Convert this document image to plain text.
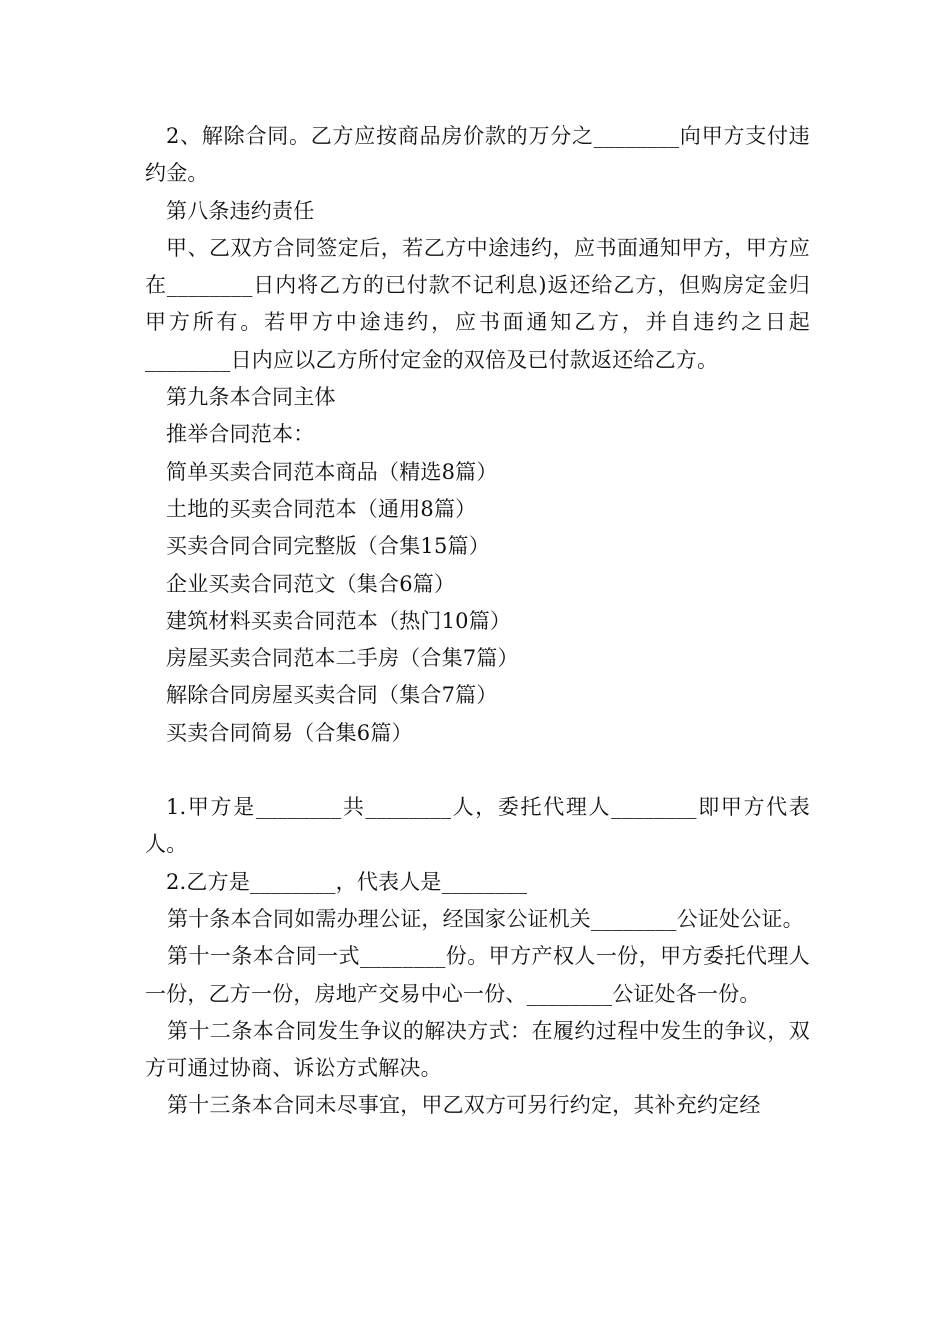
2、解除合同。乙方应按商品房价款的万分之________向甲方支付违约金。

第八条违约责任

甲、乙双方合同签定后，若乙方中途违约，应书面通知甲方，甲方应在________日内将乙方的已付款不记利息)返还给乙方，但购房定金归甲方所有。若甲方中途违约，应书面通知乙方，并自违约之日起________日内应以乙方所付定金的双倍及已付款返还给乙方。

第九条本合同主体

推举合同范本：

简单买卖合同范本商品（精选8篇）

土地的买卖合同范本（通用8篇）

买卖合同合同完整版（合集15篇）

企业买卖合同范文（集合6篇）

建筑材料买卖合同范本（热门10篇）

房屋买卖合同范本二手房（合集7篇）

解除合同房屋买卖合同（集合7篇）

买卖合同简易（合集6篇）

1.甲方是________共________人，委托代理人________即甲方代表人。

2.乙方是________，代表人是________

第十条本合同如需办理公证，经国家公证机关________公证处公证。

第十一条本合同一式________份。甲方产权人一份，甲方委托代理人一份，乙方一份，房地产交易中心一份、________公证处各一份。

第十二条本合同发生争议的解决方式：在履约过程中发生的争议，双方可通过协商、诉讼方式解决。

第十三条本合同未尽事宜，甲乙双方可另行约定，其补充约定经
